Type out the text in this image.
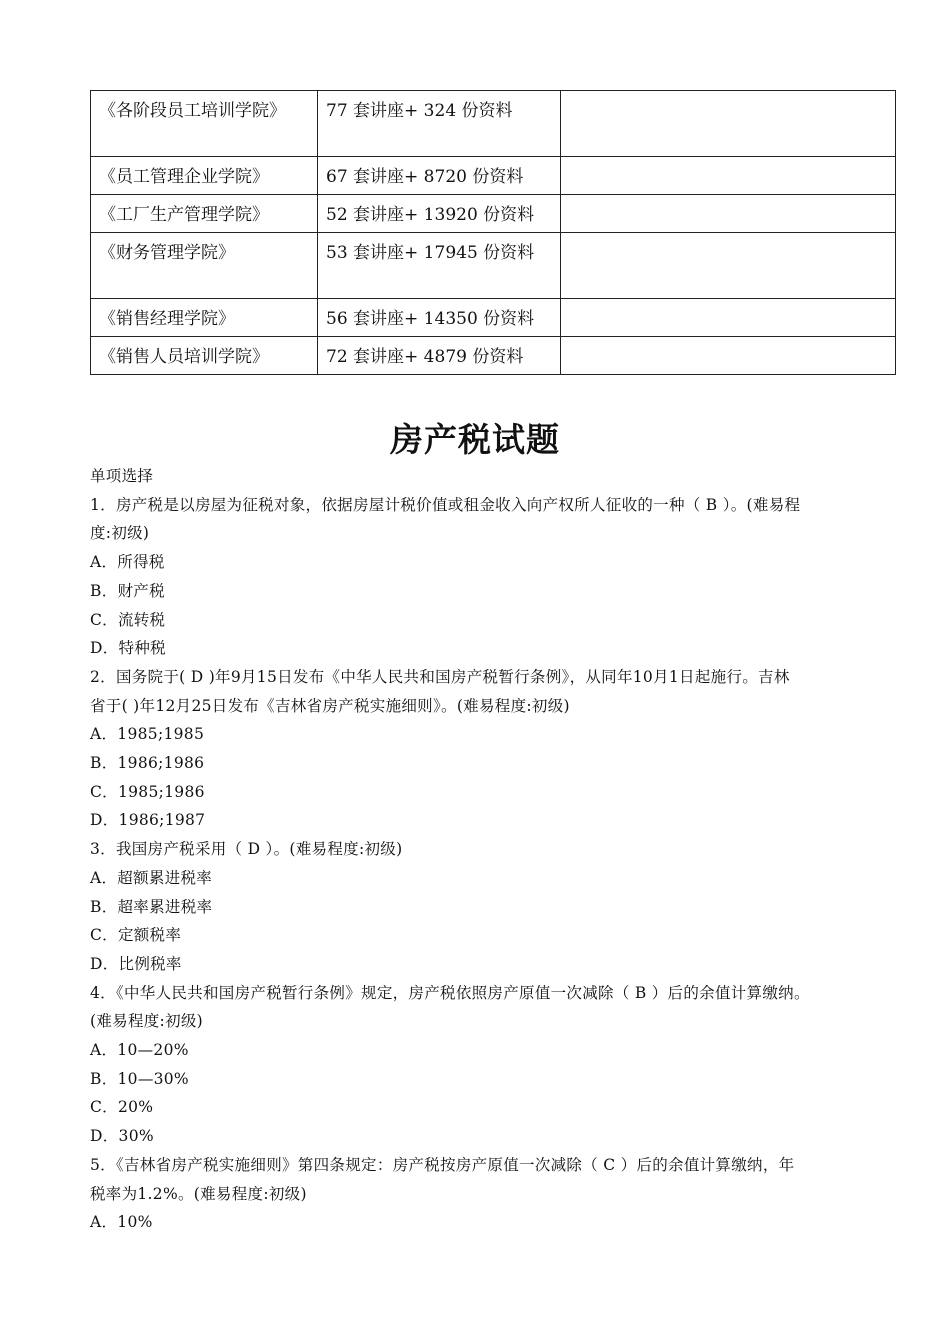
《各阶段员工培训学院》	77 套讲座+ 324 份资料	
《员工管理企业学院》	67 套讲座+ 8720 份资料	
《工厂生产管理学院》	52 套讲座+ 13920 份资料	
《财务管理学院》	53 套讲座+ 17945 份资料	
《销售经理学院》	56 套讲座+ 14350 份资料	
《销售人员培训学院》	72 套讲座+ 4879 份资料	
房产税试题
单项选择
1．房产税是以房屋为征税对象，依据房屋计税价值或租金收入向产权所人征收的一种（ B ）。(难易程
度:初级)
A．所得税
B．财产税
C．流转税
D．特种税
2．国务院于( D )年9月15日发布《中华人民共和国房产税暂行条例》，从同年10月1日起施行。吉林
省于( )年12月25日发布《吉林省房产税实施细则》。(难易程度:初级)
A．1985;1985
B．1986;1986
C．1985;1986
D．1986;1987
3．我国房产税采用（ D ）。(难易程度:初级)
A．超额累进税率
B．超率累进税率
C．定额税率
D．比例税率
4．《中华人民共和国房产税暂行条例》规定，房产税依照房产原值一次减除（ B ）后的余值计算缴纳。
(难易程度:初级)
A．10—20%
B．10—30%
C．20%
D．30%
5．《吉林省房产税实施细则》第四条规定：房产税按房产原值一次减除（ C ）后的余值计算缴纳，年
税率为1.2%。(难易程度:初级)
A．10%
